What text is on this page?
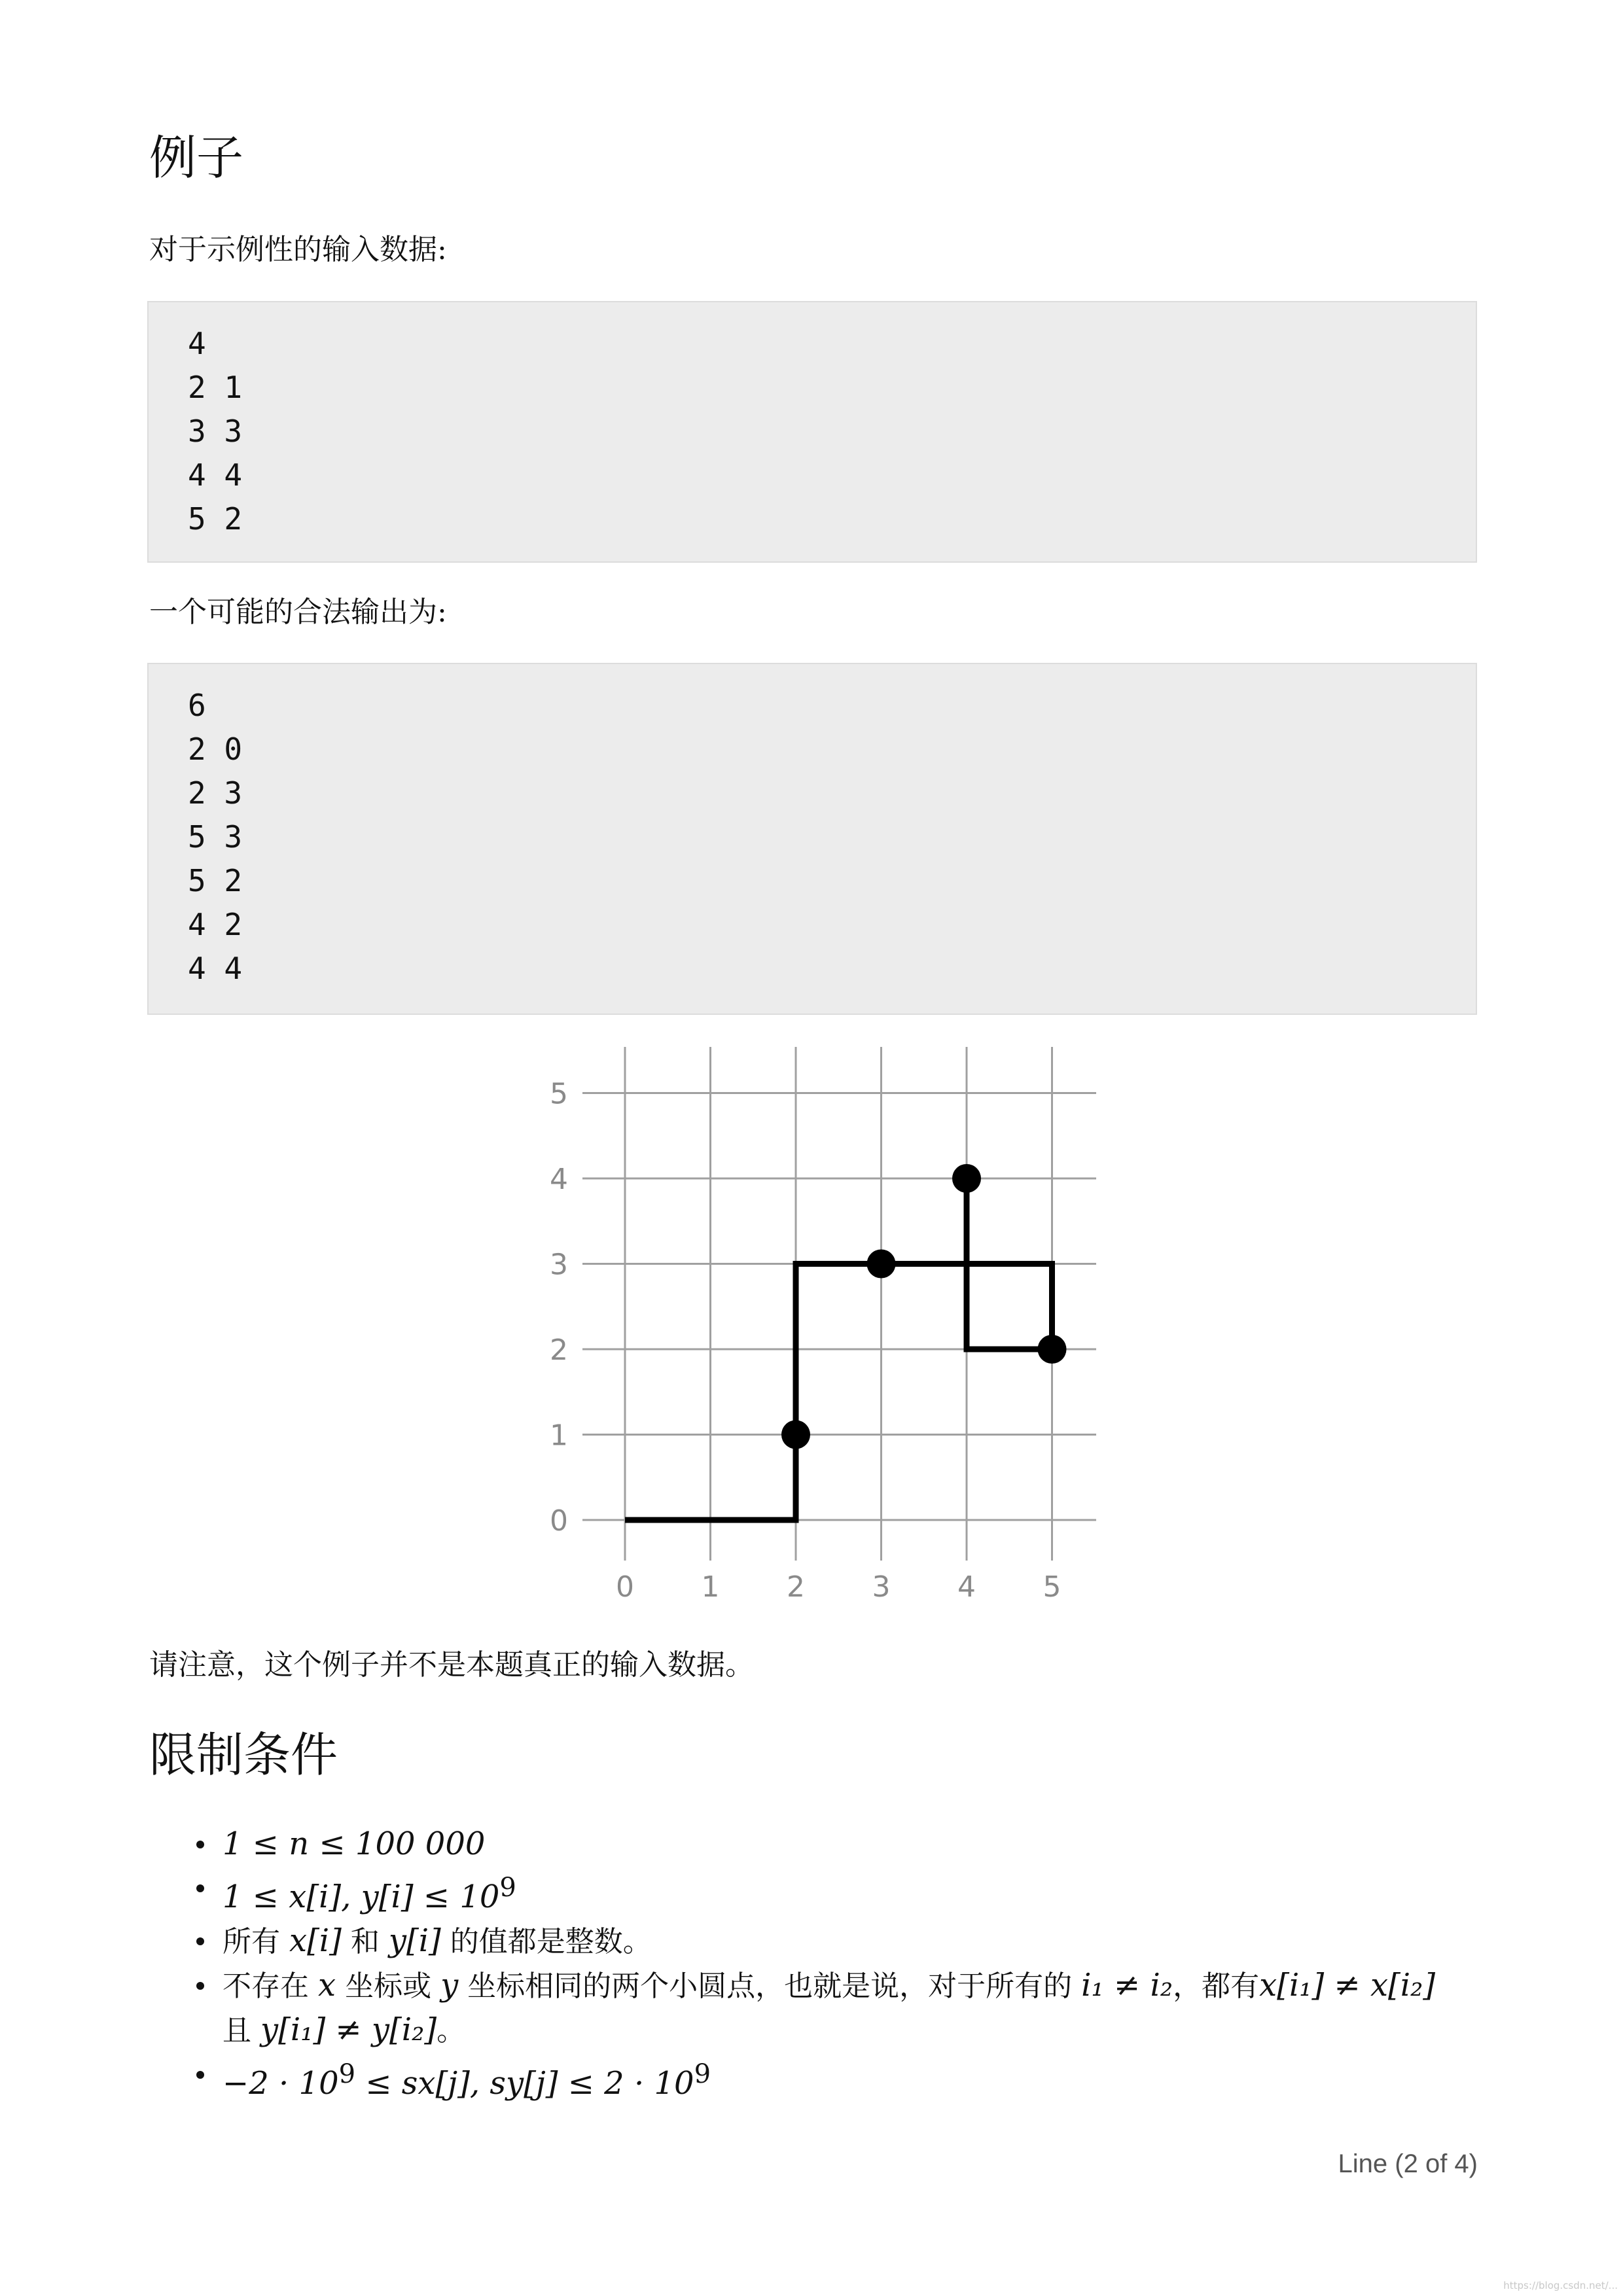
例子

对于示例性的输入数据:

4
2 1
3 3
4 4
5 2

一个可能的合法输出为:

6
2 0
2 3
5 3
5 2
4 2
4 4
0 1 2 3 4 5
0
1
2
3
4
5

请注意，这个例子并不是本题真正的输入数据。

限制条件
1 ≤ n ≤ 100 000
1 ≤ x[i], $y[i] \le 10^9$
所有 x[i] 和 y[i] 的值都是整数。
不存在 x 坐标或 y 坐标相同的两个小圆点，也就是说，对于所有的 i₁ ≠ i₂，都有x[i₁] ≠ x[i₂]
且 y[i₁] ≠ y[i₂]。
$-2 \cdot 10^9 \le sx[j]$, $sy[j] \le 2 \cdot 10^9$
Line (2 of 4)
https://blog.csdn.net/...
